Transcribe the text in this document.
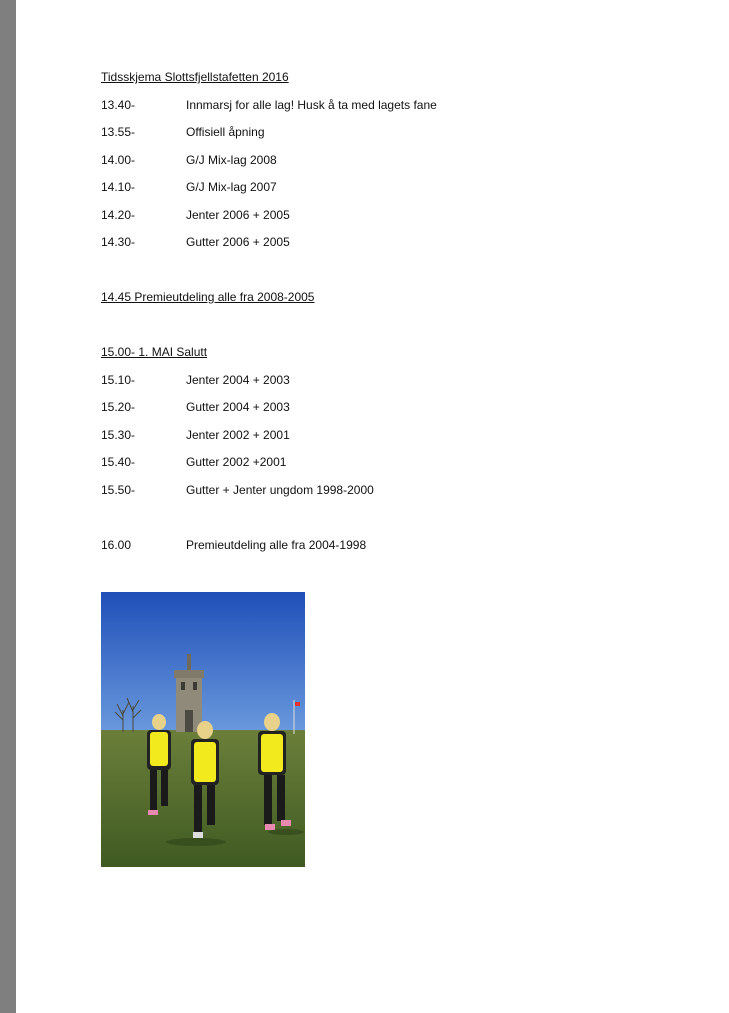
Tidsskjema Slottsfjellstafetten 2016
13.40-	Innmarsj for alle lag! Husk å ta med lagets fane
13.55-	Offisiell åpning
14.00-	G/J Mix-lag 2008
14.10-	G/J Mix-lag 2007
14.20-	Jenter 2006 + 2005
14.30-	Gutter 2006 + 2005
14.45 Premieutdeling alle fra 2008-2005
15.00- 1. MAI Salutt
15.10-	Jenter 2004 + 2003
15.20-	Gutter 2004 + 2003
15.30-	Jenter 2002 + 2001
15.40-	Gutter 2002 +2001
15.50-	Gutter + Jenter ungdom 1998-2000
16.00	Premieutdeling alle fra 2004-1998
